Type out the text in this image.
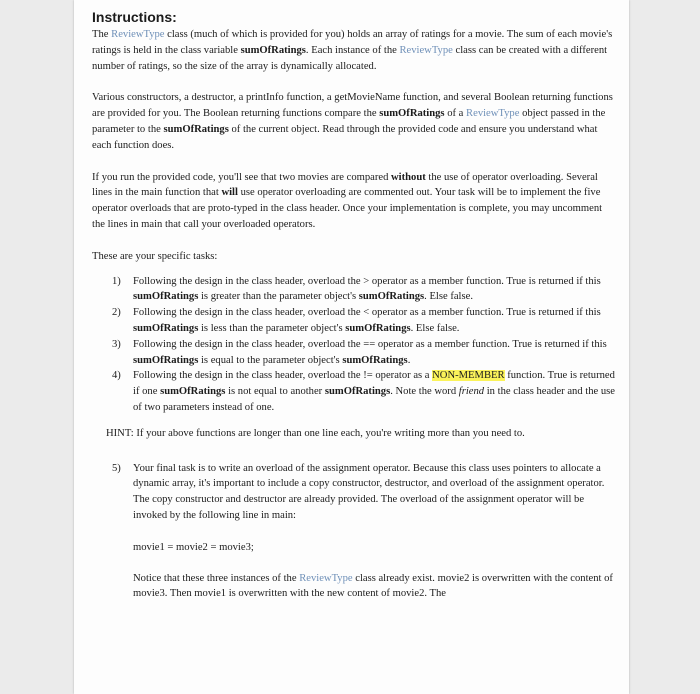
Instructions:

The ReviewType class (much of which is provided for you) holds an array of ratings for a movie. The sum of each movie's ratings is held in the class variable sumOfRatings. Each instance of the ReviewType class can be created with a different number of ratings, so the size of the array is dynamically allocated.

Various constructors, a destructor, a printInfo function, a getMovieName function, and several Boolean returning functions are provided for you. The Boolean returning functions compare the sumOfRatings of a ReviewType object passed in the parameter to the sumOfRatings of the current object. Read through the provided code and ensure you understand what each function does.

If you run the provided code, you'll see that two movies are compared without the use of operator overloading. Several lines in the main function that will use operator overloading are commented out. Your task will be to implement the five operator overloads that are proto-typed in the class header. Once your implementation is complete, you may uncomment the lines in main that call your overloaded operators.

These are your specific tasks:

1) Following the design in the class header, overload the > operator as a member function. True is returned if this sumOfRatings is greater than the parameter object's sumOfRatings. Else false.
2) Following the design in the class header, overload the < operator as a member function. True is returned if this sumOfRatings is less than the parameter object's sumOfRatings. Else false.
3) Following the design in the class header, overload the == operator as a member function. True is returned if this sumOfRatings is equal to the parameter object's sumOfRatings.
4) Following the design in the class header, overload the != operator as a NON-MEMBER function. True is returned if one sumOfRatings is not equal to another sumOfRatings. Note the word friend in the class header and the use of two parameters instead of one.

HINT: If your above functions are longer than one line each, you're writing more than you need to.

5) Your final task is to write an overload of the assignment operator. Because this class uses pointers to allocate a dynamic array, it's important to include a copy constructor, destructor, and overload of the assignment operator. The copy constructor and destructor are already provided. The overload of the assignment operator will be invoked by the following line in main:
movie1 = movie2 = movie3;
Notice that these three instances of the ReviewType class already exist. movie2 is overwritten with the content of movie3. Then movie1 is overwritten with the new content of movie2. The
